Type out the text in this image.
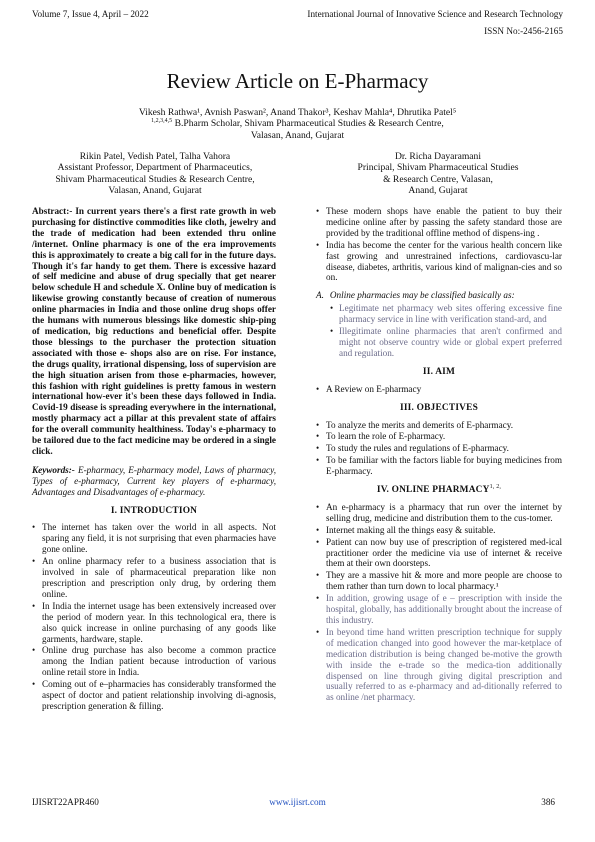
Volume 7, Issue 4, April – 2022	International Journal of Innovative Science and Research Technology
ISSN No:-2456-2165
Review Article on E-Pharmacy
Vikesh Rathwa¹, Avnish Paswan², Anand Thakor³, Keshav Mahla⁴, Dhrutika Patel⁵
$^{1,2,3,4,5}$ B.Pharm Scholar, Shivam Pharmaceutical Studies & Research Centre,
Valasan, Anand, Gujarat
Rikin Patel, Vedish Patel, Talha Vahora
Assistant Professor, Department of Pharmaceutics,
Shivam Pharmaceutical Studies & Research Centre,
Valasan, Anand, Gujarat
Dr. Richa Dayaramani
Principal, Shivam Pharmaceutical Studies
& Research Centre, Valasan,
Anand, Gujarat

Abstract:- In current years there's a first rate growth in web purchasing for distinctive commodities like cloth, jewelry and the trade of medication had been extended thru online /internet. Online pharmacy is one of the era improvements this is approximately to create a big call for in the future days. Though it's far handy to get them. There is excessive hazard of self medicine and abuse of drug specially that get nearer below schedule H and schedule X. Online buy of medication is likewise growing constantly because of creation of numerous online pharmacies in India and those online drug shops offer the humans with numerous blessings like domestic ship-ping of medication, big reductions and beneficial offer. Despite those blessings to the purchaser the protection situation associated with those e- shops also are on rise. For instance, the drugs quality, irrational dispensing, loss of supervision are the high situation arisen from those e-pharmacies, however, this fashion with right guidelines is pretty famous in western international how-ever it's been these days followed in India. Covid-19 disease is spreading everywhere in the international, mostly pharmacy act a pillar at this prevalent state of affairs for the overall community healthiness. Today's e-pharmacy to be tailored due to the fact medicine may be ordered in a single click.

Keywords:- E-pharmacy, E-pharmacy model, Laws of pharmacy, Types of e-pharmacy, Current key players of e-pharmacy, Advantages and Disadvantages of e-pharmacy.

I. INTRODUCTION
• The internet has taken over the world in all aspects. Not sparing any field, it is not surprising that even pharmacies have gone online.
• An online pharmacy refer to a business association that is involved in sale of pharmaceutical preparation like non prescription and prescription only drug, by ordering them online.
• In India the internet usage has been extensively increased over the period of modern year. In this technological era, there is also quick increase in online purchasing of any goods like garments, hardware, staple.
• Online drug purchase has also become a common practice among the Indian patient because introduction of various online retail store in India.
• Coming out of e–pharmacies has considerably transformed the aspect of doctor and patient relationship involving di-agnosis, prescription generation & filling.
• These modern shops have enable the patient to buy their medicine online after by passing the safety standard those are provided by the traditional offline method of dispens-ing .
• India has become the center for the various health concern like fast growing and unrestrained infections, cardiovascu-lar disease, diabetes, arthritis, various kind of malignan-cies and so on.
A. Online pharmacies may be classified basically as:
• Legitimate net pharmacy web sites offering excessive fine pharmacy service in line with verification stand-ard, and
• Illegitimate online pharmacies that aren't confirmed and might not observe country wide or global expert preferred and regulation.
II. AIM
• A Review on E-pharmacy
III. OBJECTIVES
• To analyze the merits and demerits of E-pharmacy.
• To learn the role of E-pharmacy.
• To study the rules and regulations of E-pharmacy.
• To be familiar with the factors liable for buying medicines from E-pharmacy.
IV. ONLINE $PHARMACY^{1, 2,}$
• An e-pharmacy is a pharmacy that run over the internet by selling drug, medicine and distribution them to the cus-tomer.
• Internet making all the things easy & suitable.
• Patient can now buy use of prescription of registered med-ical practitioner order the medicine via use of internet & receive them at their own doorsteps.
• They are a massive hit & more and more people are choose to them rather than turn down to local pharmacy.¹
• In addition, growing usage of e – prescription with inside the hospital, globally, has additionally brought about the increase of this industry.
• In beyond time hand written prescription technique for supply of medication changed into good however the mar-ketplace of medication distribution is being changed be-motive the growth with inside the e-trade so the medica-tion additionally dispensed on line through giving digital prescription and usually referred to as e-pharmacy and ad-ditionally referred to as online /net pharmacy.
IJISRT22APR460	www.ijisrt.com	386
